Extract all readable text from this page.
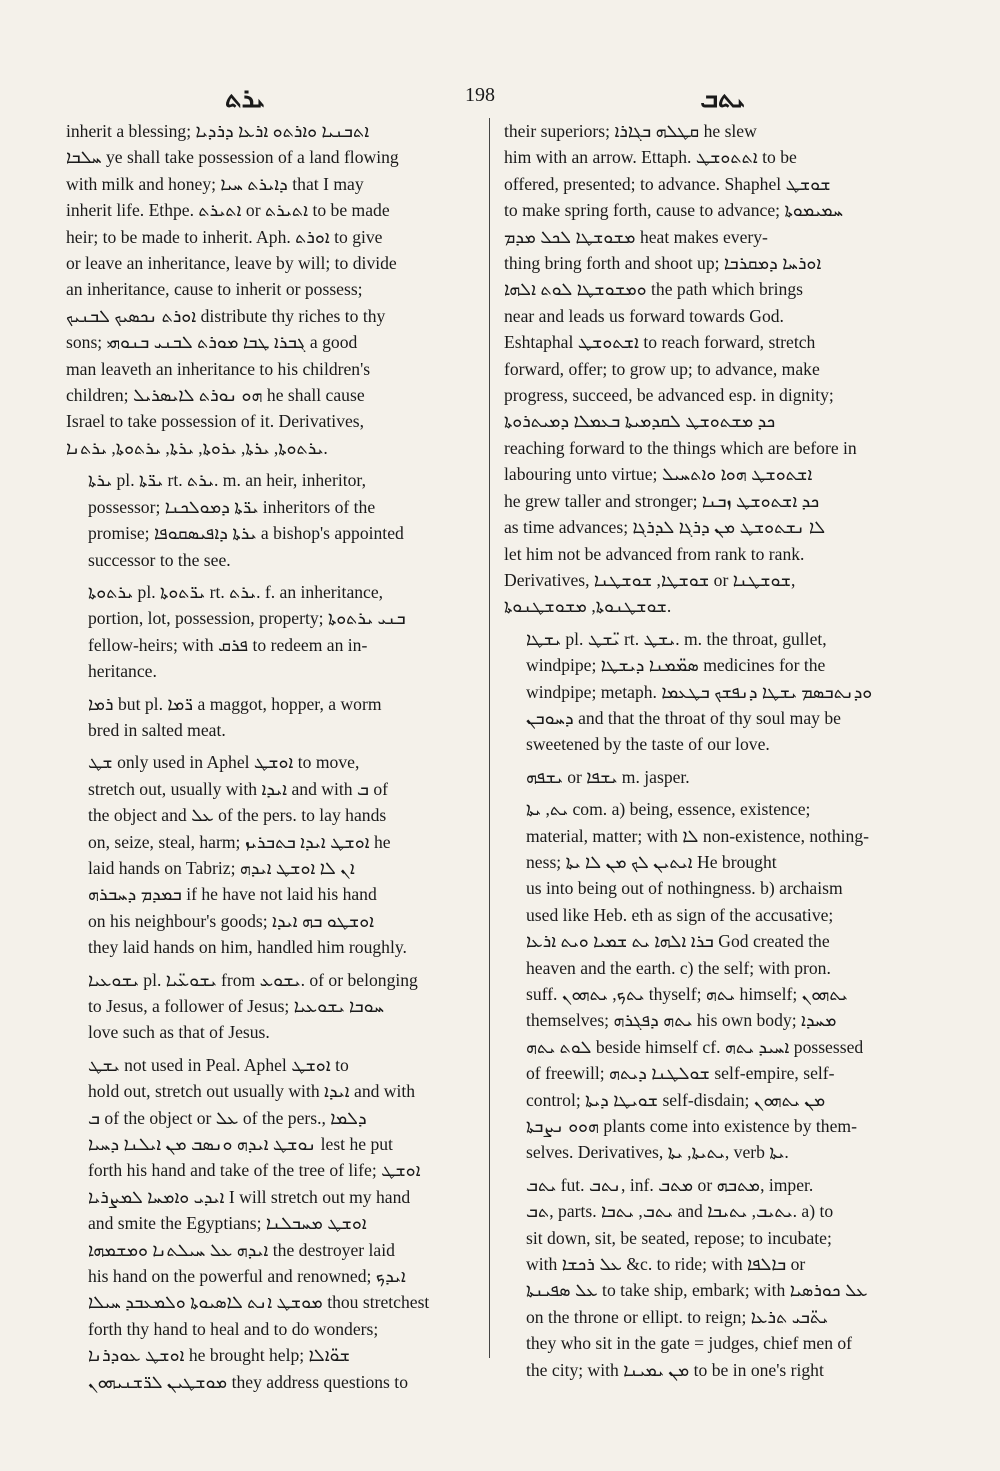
ܝܪܬ	198	ܝܬܒ
inherit a blessing; ܐܬܒܢܝܐ ܘܐܪܬܘ ܐܪܥܐ ܕܪܕܝܐ
ܚܠܒܐ ye shall take possession of a land flowing
with milk and honey; ܕܐܝܪܬ ܚܝܐ that I may
inherit life. Ethpe. ܐܬܝܪܬ or ܐܬܝܪܬ to be made
heir; to be made to inherit. Aph. ܐܘܪܬ to give
or leave an inheritance, leave by will; to divide
an inheritance, cause to inherit or possess;
ܐܘܪܬ ܢܟܣܝܟ ܠܒܢܝܟ distribute thy riches to thy
sons; ܓܒܪܐ ܛܒܐ ܡܘܪܬ ܠܒܢܝ ܒܢܘܗܝ a good
man leaveth an inheritance to his children's
children; ܗܘ ܢܘܪܬ ܠܐܝܣܪܝܠ he shall cause
Israel to take possession of it. Derivatives,
ܝܪܬܘܬܐ, ܝܪܬܐ, ܝܪܘܬܐ, ܝܪܬܐ, ܝܪܬܘܬܐ, ܝܪܬܢܐ.
ܝܪܬܐ pl. ܝܪ̈ܬܐ rt. ܝܪܬ. m. an heir, inheritor,
possessor; ܝܪ̈ܬܐ ܕܡܘܠܟܢܐ inheritors of the
promise; ܝܪܬܐ ܕܐܦܝܣܩܘܦܐ a bishop's appointed
successor to the see.
ܝܪܬܘܬܐ pl. ܝܪ̈ܬܘܬܐ rt. ܝܪܬ. f. an inheritance,
portion, lot, possession, property; ܒܢܝ ܝܪܬܘܬܐ
fellow-heirs; with ܦܪܩ to redeem an in-
heritance.
ܪܡܐ but pl. ܪ̈ܡܐ a maggot, hopper, a worm
bred in salted meat.
ܫܛ only used in Aphel ܐܘܫܛ to move,
stretch out, usually with ܐܝܕܐ and with ܒ of
the object and ܥܠ of the pers. to lay hands
on, seize, steal, harm; ܐܘܫܛ ܐܝܕܐ ܒܬܒܪܝܙ he
laid hands on Tabriz; ܐܢ ܠܐ ܐܘܫܛ ܐܝܕܗ
ܒܡܕܡ ܕܚܒܪܗ if he have not laid his hand
on his neighbour's goods; ܐܘܫܛܘ ܒܗ ܐܝܕܐ
they laid hands on him, handled him roughly.
ܝܫܘܥܝܐ pl. ܝܫܘܥ̈ܝܐ from ܝܫܘܥ. of or belonging
to Jesus, a follower of Jesus; ܚܘܒܐ ܝܫܘܥܝܐ
love such as that of Jesus.
ܝܫܛ not used in Peal. Aphel ܐܘܫܛ to
hold out, stretch out usually with ܐܝܕܐ and with
ܒ of the object or ܥܠ of the pers., ܕܠܡܐ
ܢܘܫܛ ܐܝܕܗ ܘܢܣܒ ܡܢ ܐܝܠܢܐ ܕܚܝܐ lest he put
forth his hand and take of the tree of life; ܐܘܫܛ
ܐܝܕܝ ܘܐܡܚܐ ܠܡܨܪܝܐ I will stretch out my hand
and smite the Egyptians; ܐܘܫܛ ܡܚܒܠܢܐ
ܐܝܕܗ ܥܠ ܚܝܠܬܢܐ ܘܡܫܡܗܐ the destroyer laid
his hand on the powerful and renowned; ܐܝܕܟ
ܡܘܫܛ ܐܢܬ ܠܐܣܝܘܬܐ ܘܠܡܥܒܕ ܚܝܠܐ thou stretchest
forth thy hand to heal and to do wonders;
ܐܘܫܛ ܥܘܕܪܢܐ he brought help; ܫܘ̈ܐܠܐ
ܡܘܫܛܝܢ ܠܪ̈ܫܢܝܗܘܢ they address questions to
their superiors; ܩܛܠܗ ܒܓܐܪܐ he slew
him with an arrow. Ettaph. ܐܬܬܘܫܛ to be
offered, presented; to advance. Shaphel ܫܘܫܛ
to make spring forth, cause to advance; ܚܡܝܡܘܬܐ
ܡܫܘܫܛܐ ܠܟܠ ܡܕܡ heat makes every-
thing bring forth and shoot up; ܐܘܪܚܐ ܕܡܩܪܒܐ
ܘܡܫܘܫܛܐ ܠܘܬ ܐܠܗܐ the path which brings
near and leads us forward towards God.
Eshtaphal ܐܫܬܘܫܛ to reach forward, stretch
forward, offer; to grow up; to advance, make
progress, succeed, be advanced esp. in dignity;
ܟܕ ܡܫܬܘܫܛ ܠܩܕܡܝܬܐ ܒܥܡܠܐ ܕܡܝܬܪܘܬܐ
reaching forward to the things which are before in
labouring unto virtue; ܐܫܬܘܫܛ ܗܘܐ ܘܐܬܚܝܠ
he grew taller and stronger; ܟܕ ܐܫܬܘܫܛ ܙܒܢܐ
as time advances; ܠܐ ܢܫܬܘܫܛ ܡܢ ܕܪܓܐ ܠܕܪܓܐ
let him not be advanced from rank to rank.
Derivatives, ܫܘܫܛܐ, ܫܘܫܛܢܐ or ܫܘܫܛܢܐ,
ܫܘܫܛܢܘܬܐ, ܡܫܘܫܛܢܘܬܐ.
ܝܫܛܐ pl. ܝ̈ܫܛ rt. ܝܫܛ. m. the throat, gullet,
windpipe; ܣܡ̈ܡܢܐ ܕܝܫܛܐ medicines for the
windpipe; metaph. ܘܕܢܬܒܣܡ ܝܫܛܐ ܕܢܦܫܟ ܒܛܥܡܐ
ܕܚܘܒܢ and that the throat of thy soul may be
sweetened by the taste of our love.
ܝܫܦܗ or ܝܫܦܐ m. jasper.
ܝܬ, ܝܬܐ com. a) being, essence, existence;
material, matter; with ܠܐ non-existence, nothing-
ness; ܐܝܬܝܢ ܠܟ ܡܢ ܠܐ ܝܬܐ He brought
us into being out of nothingness. b) archaism
used like Heb. eth as sign of the accusative;
ܒܪܐ ܐܠܗܐ ܝܬ ܫܡܝܐ ܘܝܬ ܐܪܥܐ God created the
heaven and the earth. c) the self; with pron.
suff. ܝܬܟ, ܝܬܗܘܢ thyself; ܝܬܗ himself; ܝܬܗܘܢ
themselves; ܝܬܗ ܕܦܓܪܗ his own body; ܡܚܕܐ
ܠܘܬ ܝܬܗ beside himself cf. ܐܚܝܕ ܝܬܗ possessed
of freewill; ܫܘܠܛܢܐ ܕܝܬܗ self-empire, self-
control; ܫܘܝܛܐ ܕܝܬܐ self-disdain; ܡܢ ܝܬܗܘܢ
ܗܘܘ ܢܨܒܬܐ plants come into existence by them-
selves. Derivatives, ܝܬܝܬܐ, ܝܬܐ, verb ܝܬܐ.
ܝܬܒ fut. ܢܬܒ, inf. ܡܬܒ or ܡܬܒܗ, imper.
ܬܒ, parts. ܝܬܒ, ܝܬܒܐ and ܝܬܝܒ, ܝܬܝܒܐ. a) to
sit down, sit, be seated, repose; to incubate;
with ܥܠ ܪܟܫܐ &c. to ride; with ܒܐܠܦܐ or
ܥܠ ܣܦܝܢܬܐ to take ship, embark; with ܥܠ ܟܘܪܣܝܐ
on the throne or ellipt. to reign; ܝܬ̈ܒܝ ܬܪܥܐ
they who sit in the gate = judges, chief men of
the city; with ܡܢ ܝܡܝܢܐ to be in one's right
